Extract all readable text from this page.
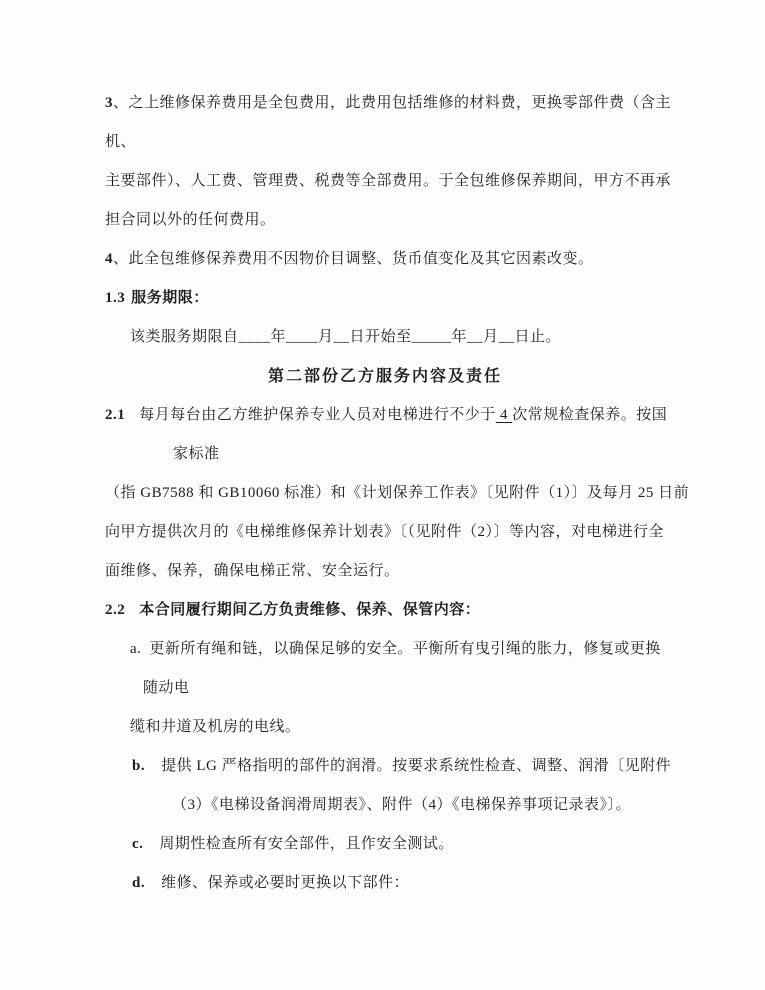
3、之上维修保养费用是全包费用，此费用包括维修的材料费，更换零部件费（含主
机、
主要部件）、人工费、管理费、税费等全部费用。于全包维修保养期间，甲方不再承
担合同以外的任何费用。
4、此全包维修保养费用不因物价目调整、货币值变化及其它因素改变。
1.3 服务期限：
该类服务期限自____年____月__日开始至_____年__月__日止。
第二部份乙方服务内容及责任
2.1 每月每台由乙方维护保养专业人员对电梯进行不少于 4 次常规检查保养。按国
家标准
（指 GB7588 和 GB10060 标准）和《计划保养工作表》〔见附件（1）〕及每月 25 日前
向甲方提供次月的《电梯维修保养计划表》〔（见附件（2）〕等内容，对电梯进行全
面维修、保养，确保电梯正常、安全运行。
2.2 本合同履行期间乙方负责维修、保养、保管内容：
a. 更新所有绳和链，以确保足够的安全。平衡所有曳引绳的胀力，修复或更换
随动电
缆和井道及机房的电线。
b. 提供 LG 严格指明的部件的润滑。按要求系统性检查、调整、润滑〔见附件
（3）《电梯设备润滑周期表》、附件（4）《电梯保养事项记录表》〕。
c. 周期性检查所有安全部件，且作安全测试。
d. 维修、保养或必要时更换以下部件：
